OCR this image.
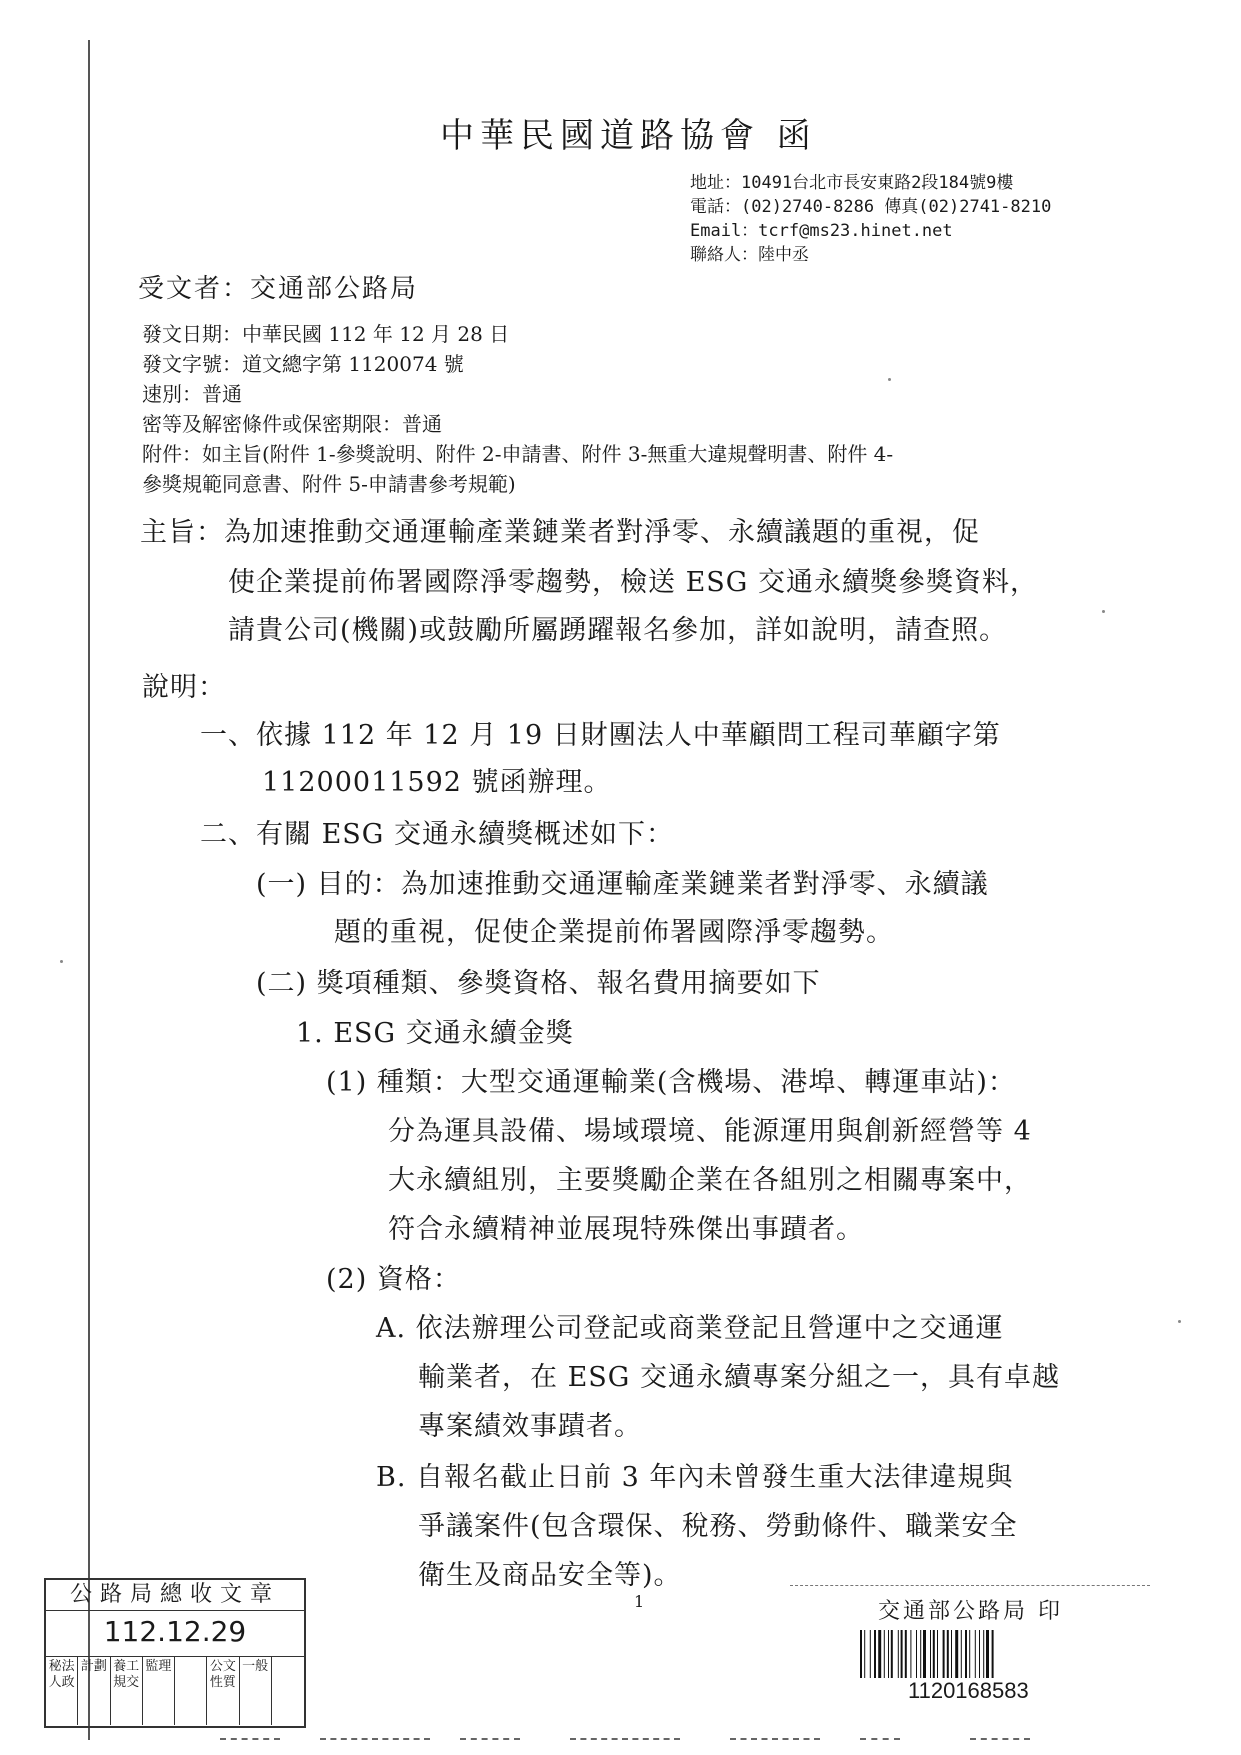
中華民國道路協會 函
地址：10491台北市長安東路2段184號9樓
電話：(02)2740-8286 傳真(02)2741-8210
Email：tcrf@ms23.hinet.net
聯絡人：陸中丞
受文者：交通部公路局
發文日期：中華民國 112 年 12 月 28 日
發文字號：道文總字第 1120074 號
速別：普通
密等及解密條件或保密期限：普通
附件：如主旨(附件 1-參獎說明、附件 2-申請書、附件 3-無重大違規聲明書、附件 4-
參獎規範同意書、附件 5-申請書參考規範)
主旨：為加速推動交通運輸產業鏈業者對淨零、永續議題的重視，促
使企業提前佈署國際淨零趨勢，檢送 ESG 交通永續獎參獎資料，
請貴公司(機關)或鼓勵所屬踴躍報名參加，詳如說明，請查照。
說明：
一、依據 112 年 12 月 19 日財團法人中華顧問工程司華顧字第
11200011592 號函辦理。
二、有關 ESG 交通永續獎概述如下：
(一) 目的：為加速推動交通運輸產業鏈業者對淨零、永續議
題的重視，促使企業提前佈署國際淨零趨勢。
(二) 獎項種類、參獎資格、報名費用摘要如下
1. ESG 交通永續金獎
(1) 種類：大型交通運輸業(含機場、港埠、轉運車站)：
分為運具設備、場域環境、能源運用與創新經營等 4
大永續組別，主要獎勵企業在各組別之相關專案中，
符合永續精神並展現特殊傑出事蹟者。
(2) 資格：
A. 依法辦理公司登記或商業登記且營運中之交通運
輸業者，在 ESG 交通永續專案分組之一，具有卓越
專案績效事蹟者。
B. 自報名截止日前 3 年內未曾發生重大法律違規與
爭議案件(包含環保、稅務、勞動條件、職業安全
衛生及商品安全等)。
1
公路局總收文章
112.12.29
秘法人政
計劃 養工規交
監理	公文性質
一般
交通部公路局 印
1120168583
